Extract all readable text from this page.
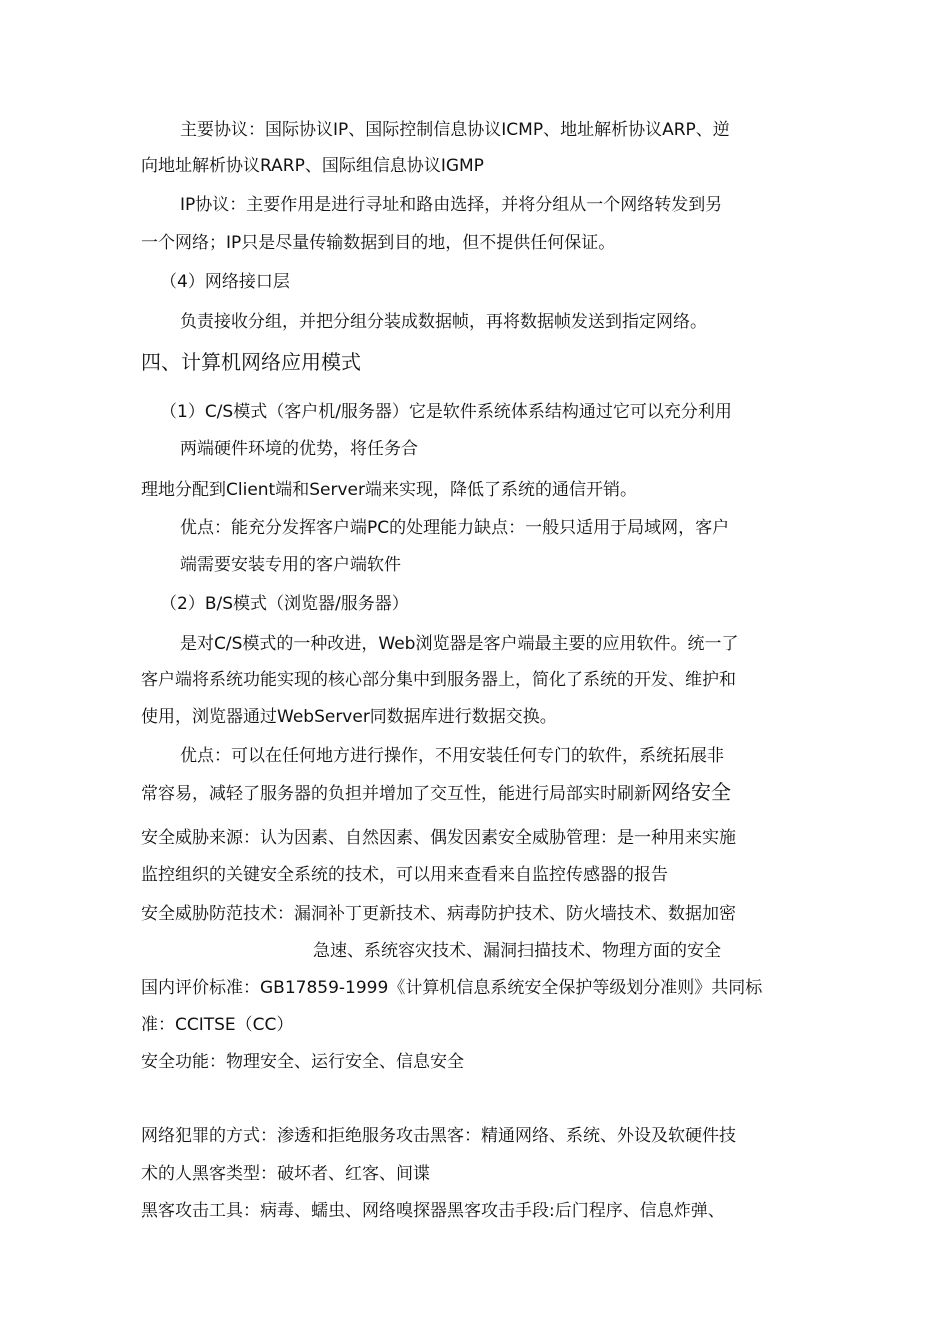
主要协议：国际协议IP、国际控制信息协议ICMP、地址解析协议ARP、逆
向地址解析协议RARP、国际组信息协议IGMP
IP协议：主要作用是进行寻址和路由选择，并将分组从一个网络转发到另
一个网络；IP只是尽量传输数据到目的地，但不提供任何保证。
（4）网络接口层
负责接收分组，并把分组分装成数据帧，再将数据帧发送到指定网络。
四、计算机网络应用模式
（1）C/S模式（客户机/服务器）它是软件系统体系结构通过它可以充分利用
两端硬件环境的优势，将任务合
理地分配到Client端和Server端来实现，降低了系统的通信开销。
优点：能充分发挥客户端PC的处理能力缺点：一般只适用于局域网，客户
端需要安装专用的客户端软件
（2）B/S模式（浏览器/服务器）
是对C/S模式的一种改进，Web浏览器是客户端最主要的应用软件。统一了
客户端将系统功能实现的核心部分集中到服务器上，简化了系统的开发、维护和
使用，浏览器通过WebServer同数据库进行数据交换。
优点：可以在任何地方进行操作，不用安装任何专门的软件，系统拓展非
常容易，减轻了服务器的负担并增加了交互性，能进行局部实时刷新网络安全
安全威胁来源：认为因素、自然因素、偶发因素安全威胁管理：是一种用来实施
监控组织的关键安全系统的技术，可以用来查看来自监控传感器的报告
安全威胁防范技术：漏洞补丁更新技术、病毒防护技术、防火墙技术、数据加密
急速、系统容灾技术、漏洞扫描技术、物理方面的安全
国内评价标准：GB17859-1999《计算机信息系统安全保护等级划分准则》共同标
准：CCITSE（CC）
安全功能：物理安全、运行安全、信息安全
网络犯罪的方式：渗透和拒绝服务攻击黑客：精通网络、系统、外设及软硬件技
术的人黑客类型：破坏者、红客、间谍
黑客攻击工具：病毒、蠕虫、网络嗅探器黑客攻击手段:后门程序、信息炸弹、
